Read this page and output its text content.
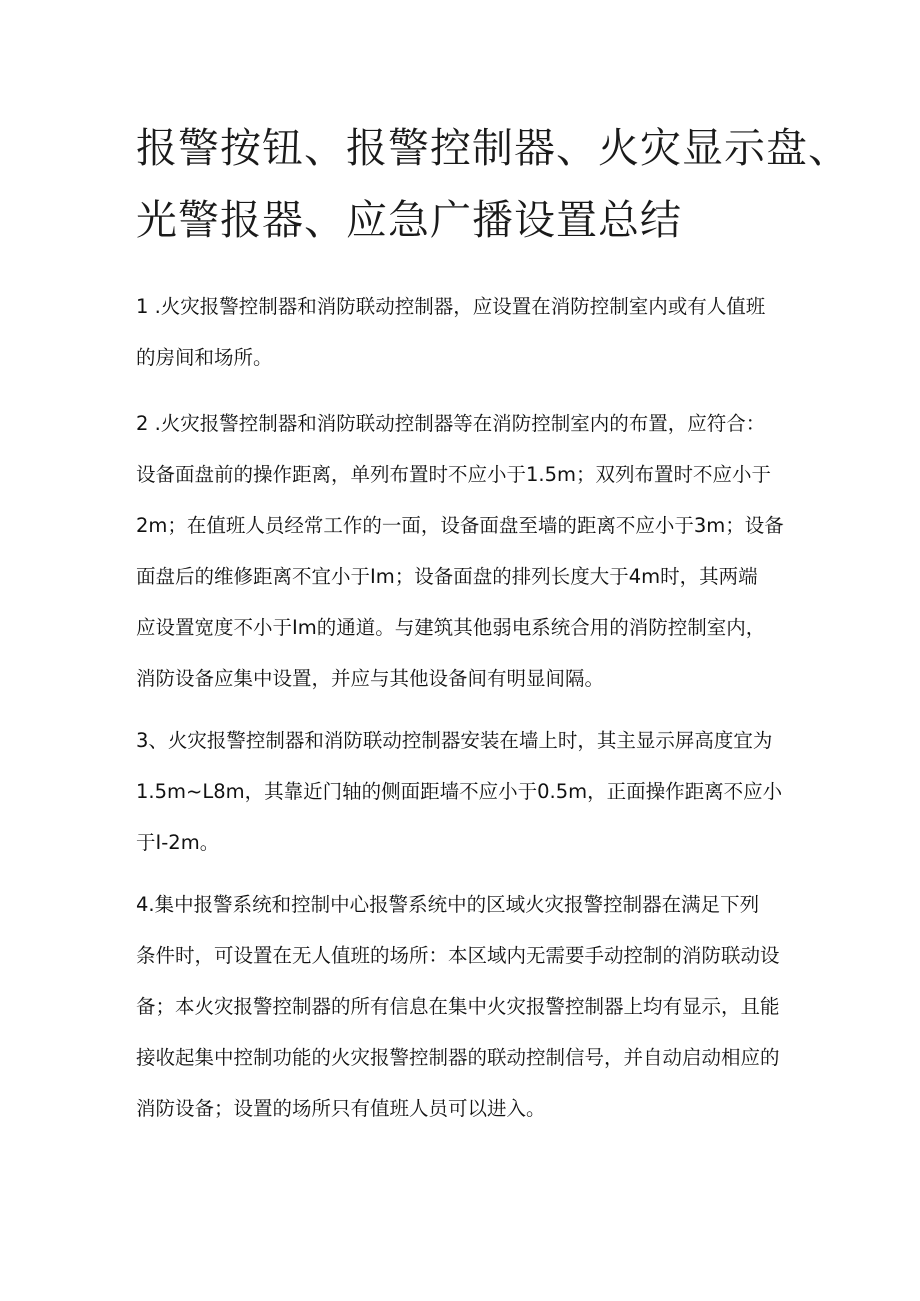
报警按钮、报警控制器、火灾显示盘、
光警报器、应急广播设置总结
1 .火灾报警控制器和消防联动控制器，应设置在消防控制室内或有人值班
的房间和场所。
2 .火灾报警控制器和消防联动控制器等在消防控制室内的布置，应符合：
设备面盘前的操作距离，单列布置时不应小于1.5m；双列布置时不应小于
2m；在值班人员经常工作的一面，设备面盘至墙的距离不应小于3m；设备
面盘后的维修距离不宜小于Im；设备面盘的排列长度大于4m时，其两端
应设置宽度不小于Im的通道。与建筑其他弱电系统合用的消防控制室内，
消防设备应集中设置，并应与其他设备间有明显间隔。
3、火灾报警控制器和消防联动控制器安装在墙上时，其主显示屏高度宜为
1.5m~L8m，其靠近门轴的侧面距墙不应小于0.5m，正面操作距离不应小
于I-2m。
4.集中报警系统和控制中心报警系统中的区域火灾报警控制器在满足下列
条件时，可设置在无人值班的场所：本区域内无需要手动控制的消防联动设
备；本火灾报警控制器的所有信息在集中火灾报警控制器上均有显示，且能
接收起集中控制功能的火灾报警控制器的联动控制信号，并自动启动相应的
消防设备；设置的场所只有值班人员可以进入。
